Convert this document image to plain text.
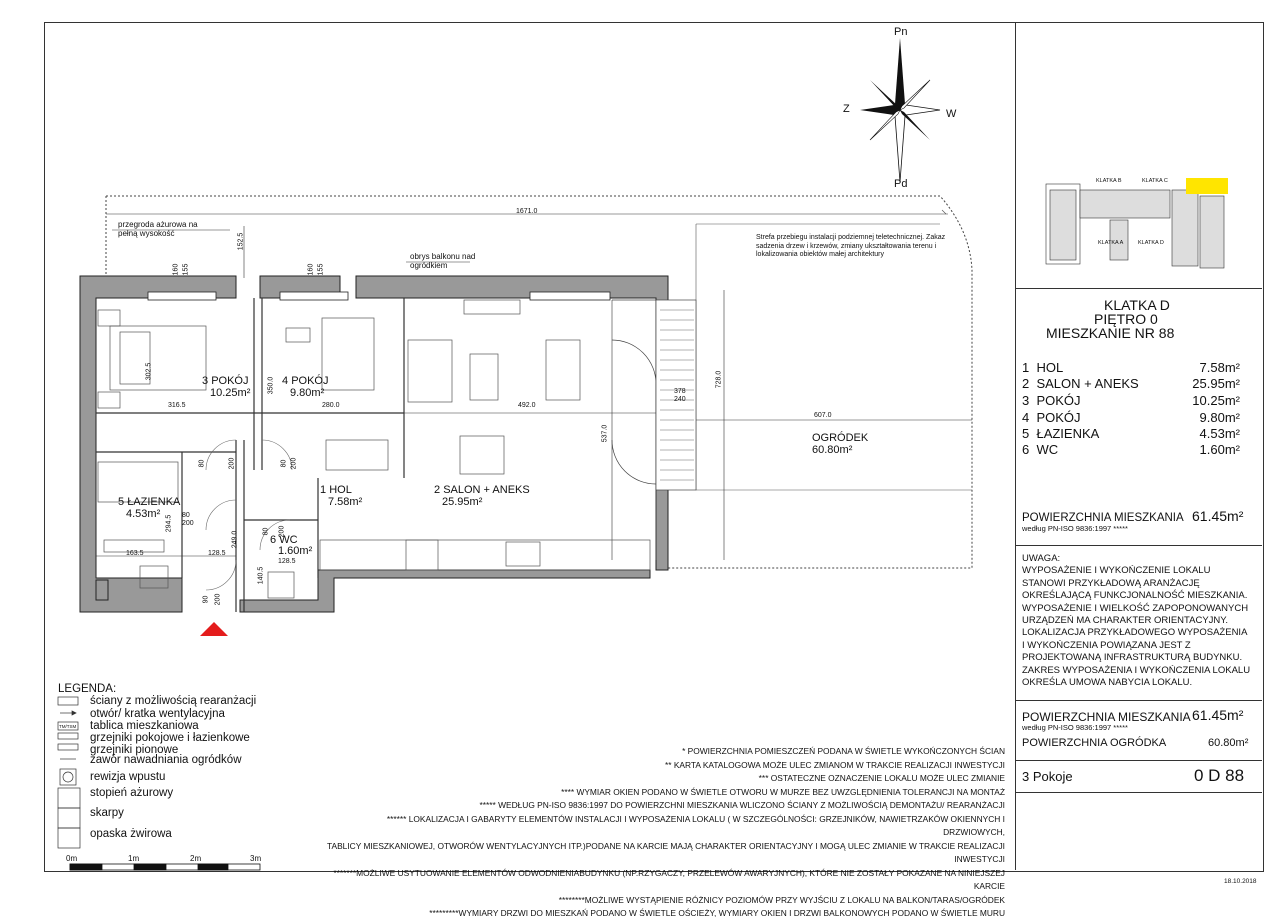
KLATKA B	KLATKA C
KLATKA A	KLATKA D
Pn
Pd
W
Z
przegroda ażurowa na pełną wysokość
obrys balkonu nad ogródkiem
Strefa przebiegu instalacji podziemnej teletechnicznej. Zakaz sadzenia drzew i krzewów, zmiany ukształtowania terenu i lokalizowania obiektów małej architektury
OGRÓDEK
60.80m²
1671.0
152.5
160 155	160 155
302.5
350.0
316.5	280.0	492.0
537.0
728.0
607.0
378
240
80	200	80 200
80
200
80 200
294.5
163.5	128.5
249.0
140.5
128.5
90 200
3 POKÓJ
10.25m²
4 POKÓJ
9.80m²
1 HOL
7.58m²
2 SALON + ANEKS
25.95m²
5 ŁAZIENKA
4.53m²
6 WC
1.60m²
KLATKA D
PIĘTRO 0
MIESZKANIE NR 88
1 HOL	7.58m²
2 SALON + ANEKS	25.95m²
3 POKÓJ	10.25m²
4 POKÓJ	9.80m²
5 ŁAZIENKA	4.53m²
6 WC	1.60m²
POWIERZCHNIA MIESZKANIA
według PN-ISO 9836:1997 *****
61.45m²
UWAGA:
WYPOSAŻENIE I WYKOŃCZENIE LOKALU STANOWI PRZYKŁADOWĄ ARANŻACJĘ OKREŚLAJĄCĄ FUNKCJONALNOŚĆ MIESZKANIA. WYPOSAŻENIE I WIELKOŚĆ ZAPOPONOWANYCH URZĄDZEŃ MA CHARAKTER ORIENTACYJNY. LOKALIZACJA PRZYKŁADOWEGO WYPOSAŻENIA I WYKOŃCZENIA POWIĄZANA JEST Z PROJEKTOWANĄ INFRASTRUKTURĄ BUDYNKU. ZAKRES WYPOSAŻENIA I WYKOŃCZENIA LOKALU OKREŚLA UMOWA NABYCIA LOKALU.
POWIERZCHNIA MIESZKANIA
według PN-ISO 9836:1997 *****
61.45m²
POWIERZCHNIA OGRÓDKA	60.80m²
3 Pokoje	0 D 88
18.10.2018
LEGENDA:
ściany z możliwością rearanżacji
otwór/ kratka wentylacyjna
tablica mieszkaniowa
grzejniki pokojowe i łazienkowe
grzejniki pionowe
zawór nawadniania ogródków
rewizja wpustu
stopień ażurowy
skarpy
opaska żwirowa
TM/TSM
0m	1m	2m	3m
* POWIERZCHNIA POMIESZCZEŃ PODANA W ŚWIETLE WYKOŃCZONYCH ŚCIAN
** KARTA KATALOGOWA MOŻE ULEC ZMIANOM W TRAKCIE REALIZACJI INWESTYCJI
*** OSTATECZNE OZNACZENIE LOKALU MOŻE ULEC ZMIANIE
**** WYMIAR OKIEN PODANO W ŚWIETLE OTWORU W MURZE BEZ UWZGLĘDNIENIA TOLERANCJI NA MONTAŻ
***** WEDŁUG PN-ISO 9836:1997 DO POWIERZCHNI MIESZKANIA WLICZONO ŚCIANY Z MOŻLIWOŚCIĄ DEMONTAŻU/ REARANŻACJI
****** LOKALIZACJA I GABARYTY ELEMENTÓW INSTALACJI I WYPOSAŻENIA LOKALU ( W SZCZEGÓLNOŚCI: GRZEJNIKÓW, NAWIETRZAKÓW OKIENNYCH I DRZWIOWYCH,
TABLICY MIESZKANIOWEJ, OTWORÓW WENTYLACYJNYCH ITP.)PODANE NA KARCIE MAJĄ CHARAKTER ORIENTACYJNY I MOGĄ ULEC ZMIANIE W TRAKCIE REALIZACJI INWESTYCJI
*******MOŻLIWE USYTUOWANIE ELEMENTÓW ODWODNIENIABUDYNKU (NP.RZYGACZY, PRZELEWÓW AWARYJNYCH), KTÓRE NIE ZOSTAŁY POKAZANE NA NINIEJSZEJ KARCIE
********MOŻLIWE WYSTĄPIENIE RÓŻNICY POZIOMÓW PRZY WYJŚCIU Z LOKALU NA BALKON/TARAS/OGRÓDEK
*********WYMIARY DRZWI DO MIESZKAŃ PODANO W ŚWIETLE OŚCIEŻY, WYMIARY OKIEN I DRZWI BALKONOWYCH PODANO W ŚWIETLE MURU
